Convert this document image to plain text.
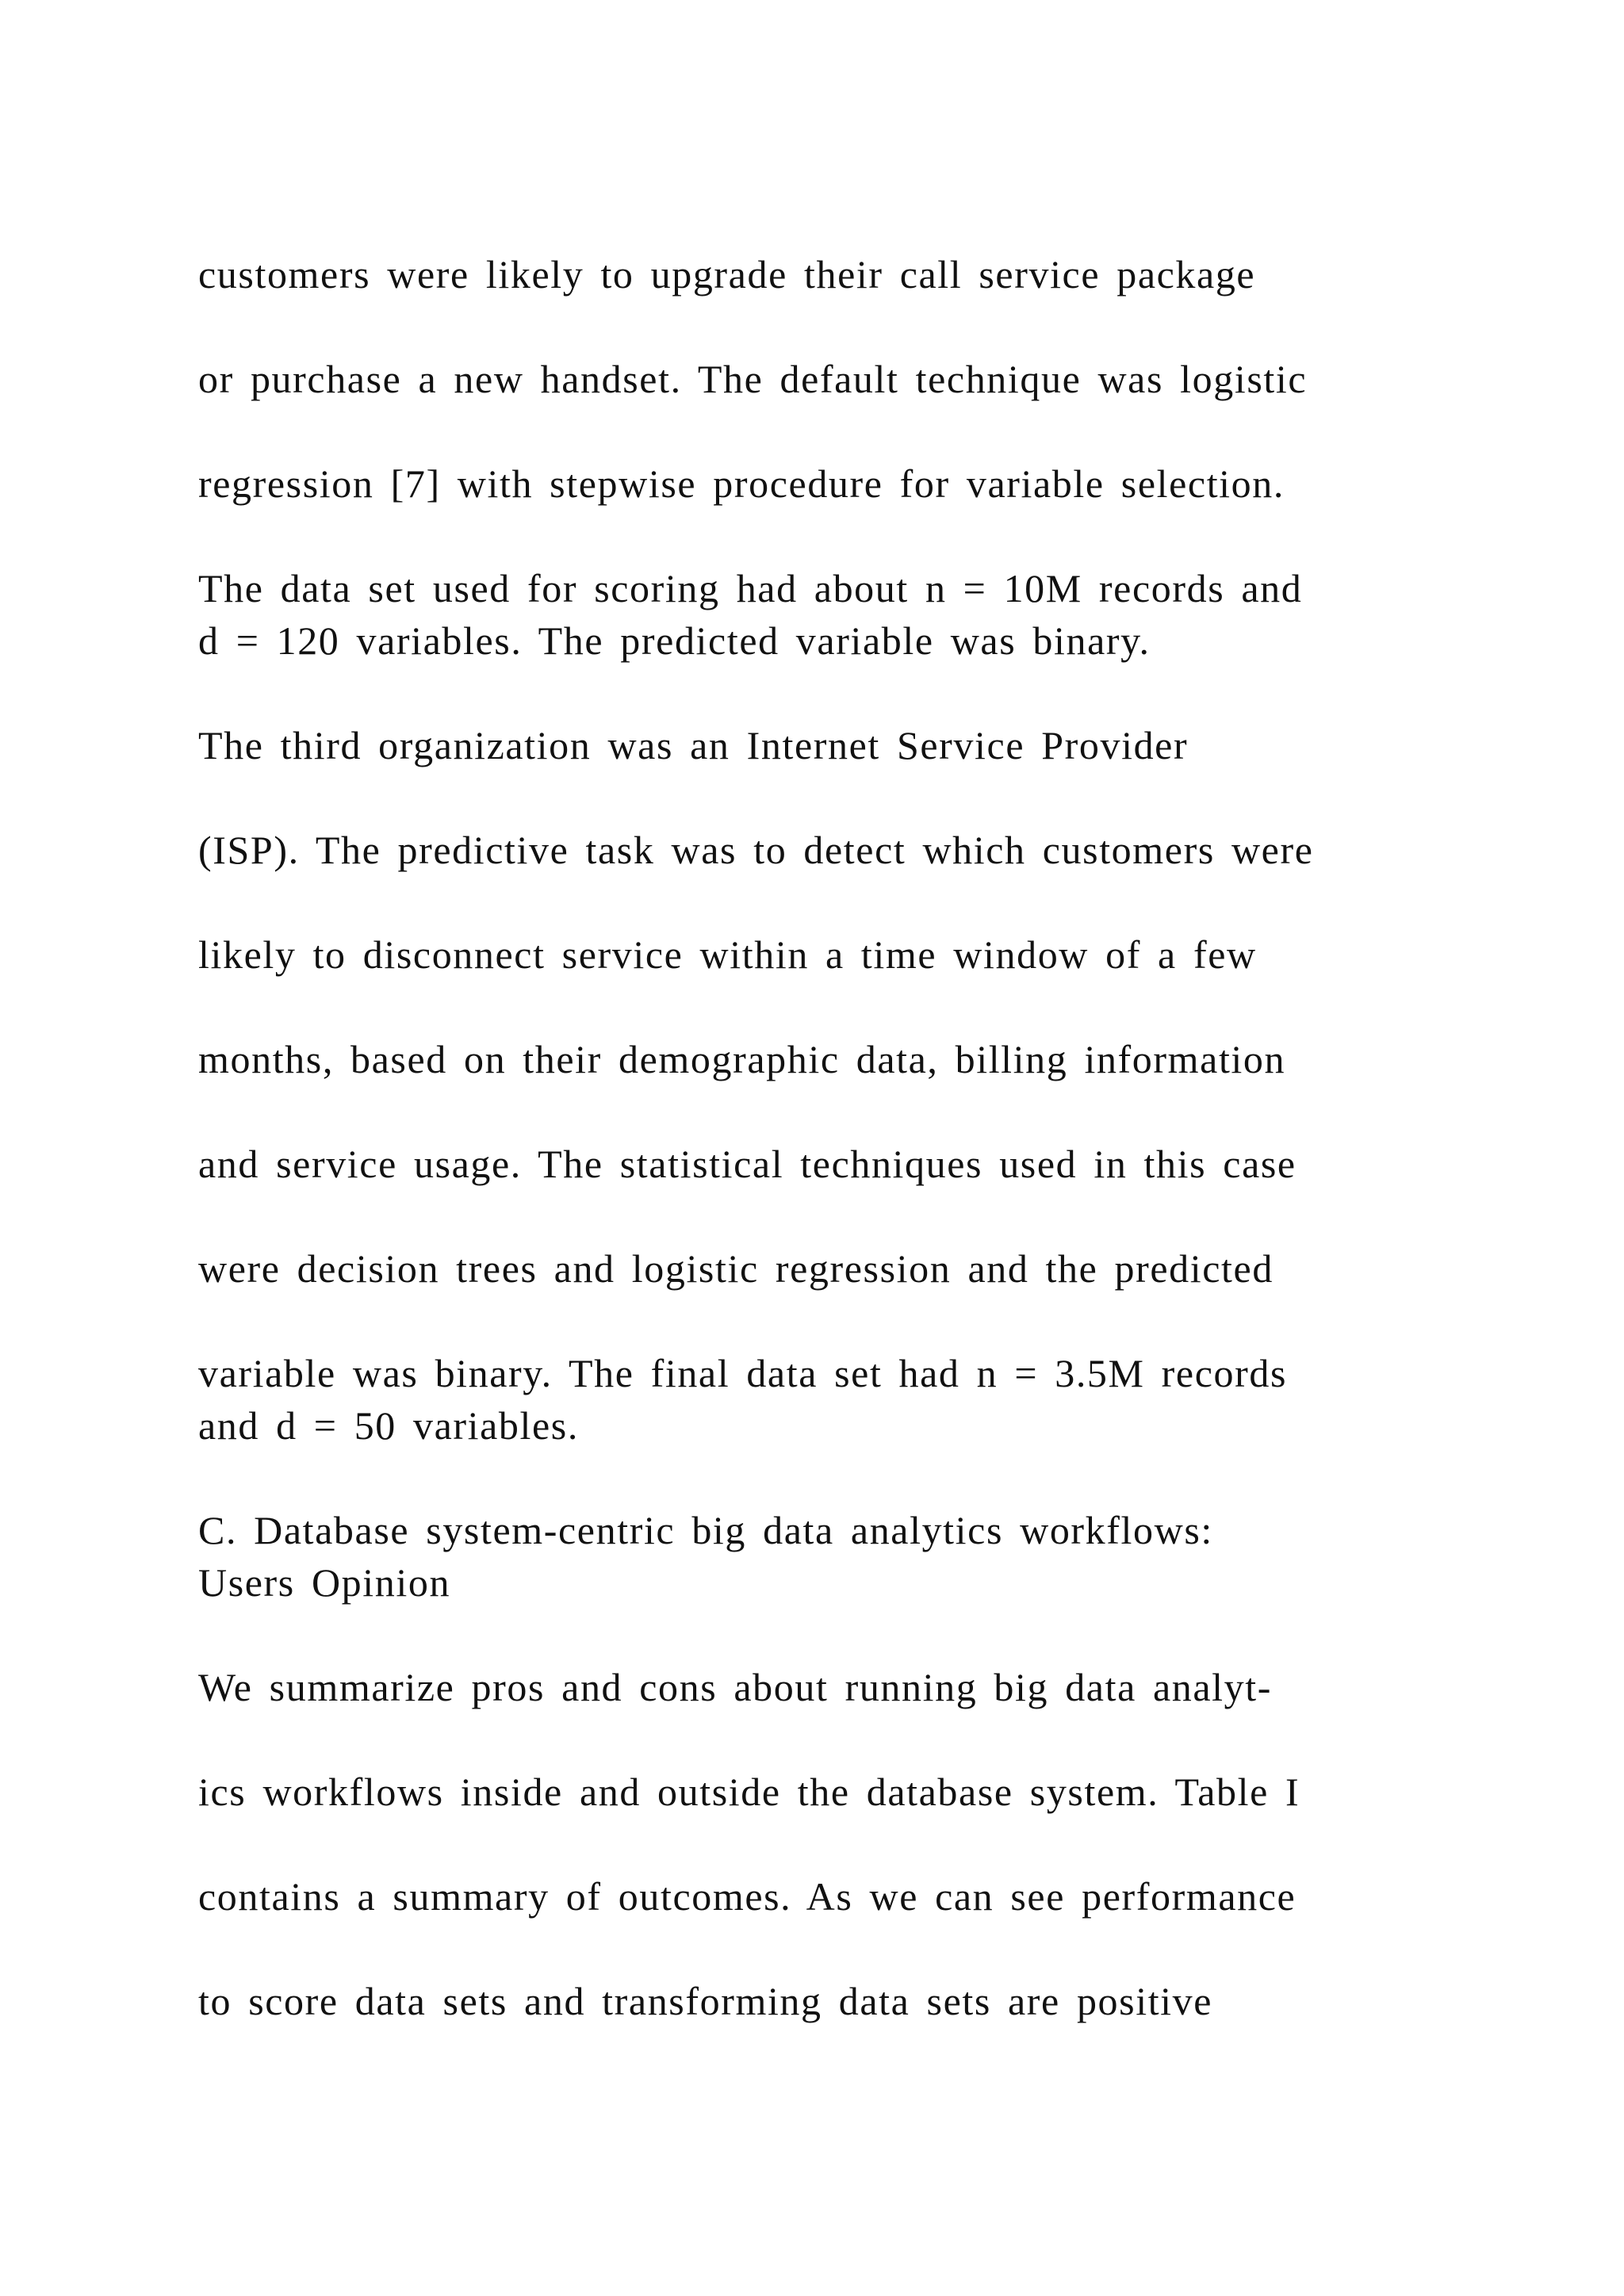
customers were likely to upgrade their call service package

or purchase a new handset. The default technique was logistic

regression [7] with stepwise procedure for variable selection.

The data set used for scoring had about n = 10M records and

d = 120 variables. The predicted variable was binary.

The third organization was an Internet Service Provider

(ISP). The predictive task was to detect which customers were

likely to disconnect service within a time window of a few

months, based on their demographic data, billing information

and service usage. The statistical techniques used in this case

were decision trees and logistic regression and the predicted

variable was binary. The final data set had n = 3.5M records

and d = 50 variables.

C. Database system-centric big data analytics workflows:

Users Opinion

We summarize pros and cons about running big data analyt-

ics workflows inside and outside the database system. Table I

contains a summary of outcomes. As we can see performance

to score data sets and transforming data sets are positive
